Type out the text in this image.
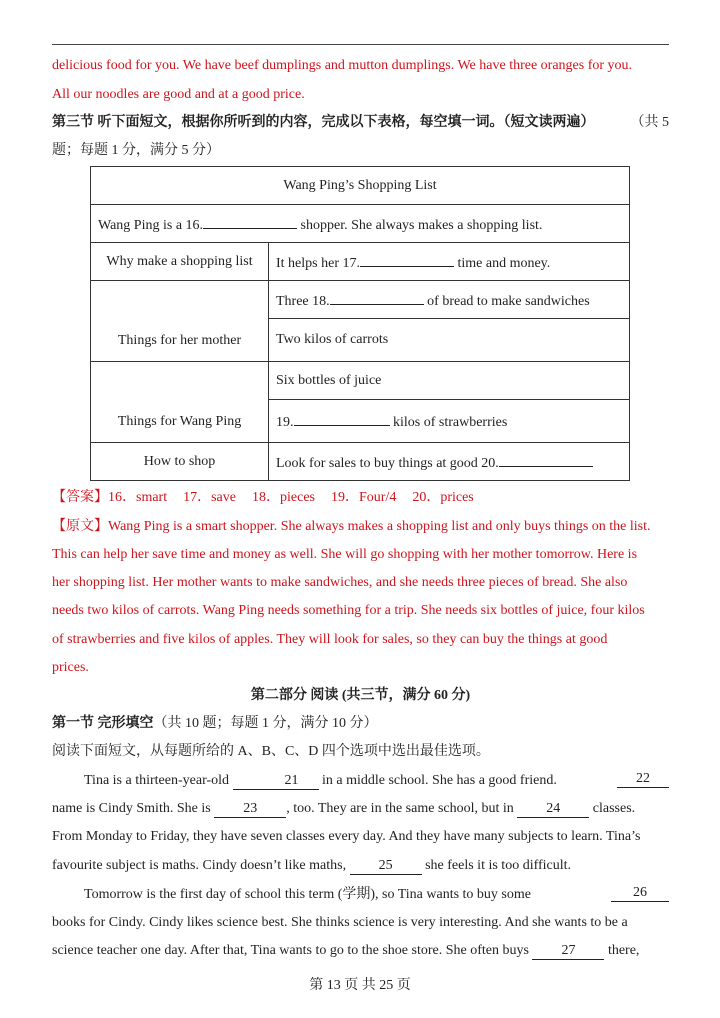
delicious food for you. We have beef dumplings and mutton dumplings. We have three oranges for you.
All our noodles are good and at a good price.
第三节 听下面短文，根据你所听到的内容，完成以下表格，每空填一词。（短文读两遍）	（共 5
题；每题 1 分，满分 5 分）
Wang Ping’s Shopping List	
Wang Ping is a 16. shopper. She always makes a shopping list.	
Why make a shopping list	It helps her 17. time and money.
Things for her mother	Three 18. of bread to make sandwiches
	Two kilos of carrots
Things for Wang Ping	Six bottles of juice
	19. kilos of strawberries
How to shop	Look for sales to buy things at good 20.
【答案】16．smart 17．save 18．pieces 19．Four/4 20．prices
【原文】Wang Ping is a smart shopper. She always makes a shopping list and only buys things on the list.
This can help her save time and money as well. She will go shopping with her mother tomorrow. Here is
her shopping list. Her mother wants to make sandwiches, and she needs three pieces of bread. She also
needs two kilos of carrots. Wang Ping needs something for a trip. She needs six bottles of juice, four kilos
of strawberries and five kilos of apples. They will look for sales, so they can buy the things at good
prices.
第二部分 阅读 (共三节，满分 60 分)
第一节 完形填空（共 10 题；每题 1 分，满分 10 分）
阅读下面短文，从每题所给的 A、B、C、D 四个选项中选出最佳选项。
Tina is a thirteen-year-old	21 in a middle school. She has a good friend.	22
name is Cindy Smith. She is 23 , too. They are in the same school, but in 24 classes.
From Monday to Friday, they have seven classes every day. And they have many subjects to learn. Tina’s
favourite subject is maths. Cindy doesn’t like maths, 25 she feels it is too difficult.
Tomorrow is the first day of school this term (学期), so Tina wants to buy some	26
books for Cindy. Cindy likes science best. She thinks science is very interesting. And she wants to be a
science teacher one day. After that, Tina wants to go to the shoe store. She often buys 27 there,
第 13 页 共 25 页
